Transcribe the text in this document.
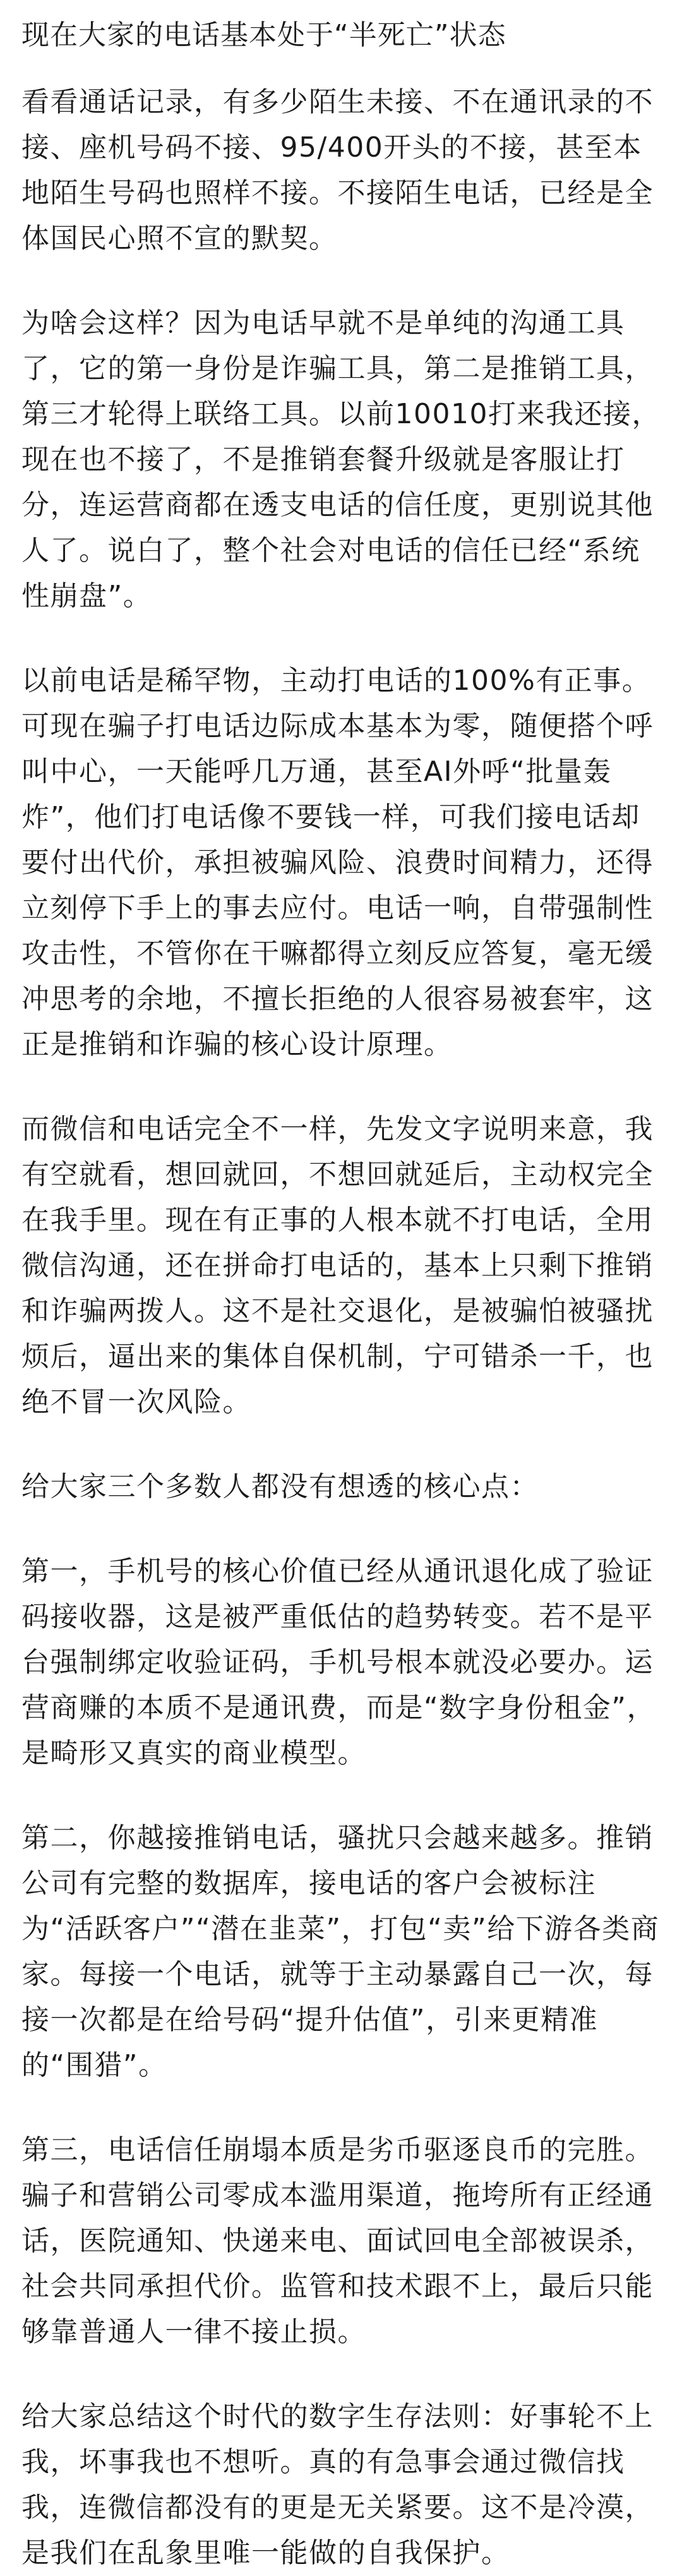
现在大家的电话基本处于“半死亡”状态

看看通话记录，有多少陌生未接、不在通讯录的不接、座机号码不接、95/400开头的不接，甚至本地陌生号码也照样不接。不接陌生电话，已经是全体国民心照不宣的默契。

为啥会这样？因为电话早就不是单纯的沟通工具了，它的第一身份是诈骗工具，第二是推销工具，第三才轮得上联络工具。以前10010打来我还接，现在也不接了，不是推销套餐升级就是客服让打分，连运营商都在透支电话的信任度，更别说其他人了。说白了，整个社会对电话的信任已经“系统性崩盘”。

以前电话是稀罕物，主动打电话的100%有正事。可现在骗子打电话边际成本基本为零，随便搭个呼叫中心，一天能呼几万通，甚至AI外呼“批量轰炸”，他们打电话像不要钱一样，可我们接电话却要付出代价，承担被骗风险、浪费时间精力，还得立刻停下手上的事去应付。电话一响，自带强制性攻击性，不管你在干嘛都得立刻反应答复，毫无缓冲思考的余地，不擅长拒绝的人很容易被套牢，这正是推销和诈骗的核心设计原理。

而微信和电话完全不一样，先发文字说明来意，我有空就看，想回就回，不想回就延后，主动权完全在我手里。现在有正事的人根本就不打电话，全用微信沟通，还在拼命打电话的，基本上只剩下推销和诈骗两拨人。这不是社交退化，是被骗怕被骚扰烦后，逼出来的集体自保机制，宁可错杀一千，也绝不冒一次风险。

给大家三个多数人都没有想透的核心点：

第一，手机号的核心价值已经从通讯退化成了验证码接收器，这是被严重低估的趋势转变。若不是平台强制绑定收验证码，手机号根本就没必要办。运营商赚的本质不是通讯费，而是“数字身份租金”，是畸形又真实的商业模型。

第二，你越接推销电话，骚扰只会越来越多。推销公司有完整的数据库，接电话的客户会被标注为“活跃客户”“潜在韭菜”，打包“卖”给下游各类商家。每接一个电话，就等于主动暴露自己一次，每接一次都是在给号码“提升估值”，引来更精准的“围猎”。

第三，电话信任崩塌本质是劣币驱逐良币的完胜。骗子和营销公司零成本滥用渠道，拖垮所有正经通话，医院通知、快递来电、面试回电全部被误杀，社会共同承担代价。监管和技术跟不上，最后只能够靠普通人一律不接止损。

给大家总结这个时代的数字生存法则：好事轮不上我，坏事我也不想听。真的有急事会通过微信找我，连微信都没有的更是无关紧要。这不是冷漠，是我们在乱象里唯一能做的自我保护。
